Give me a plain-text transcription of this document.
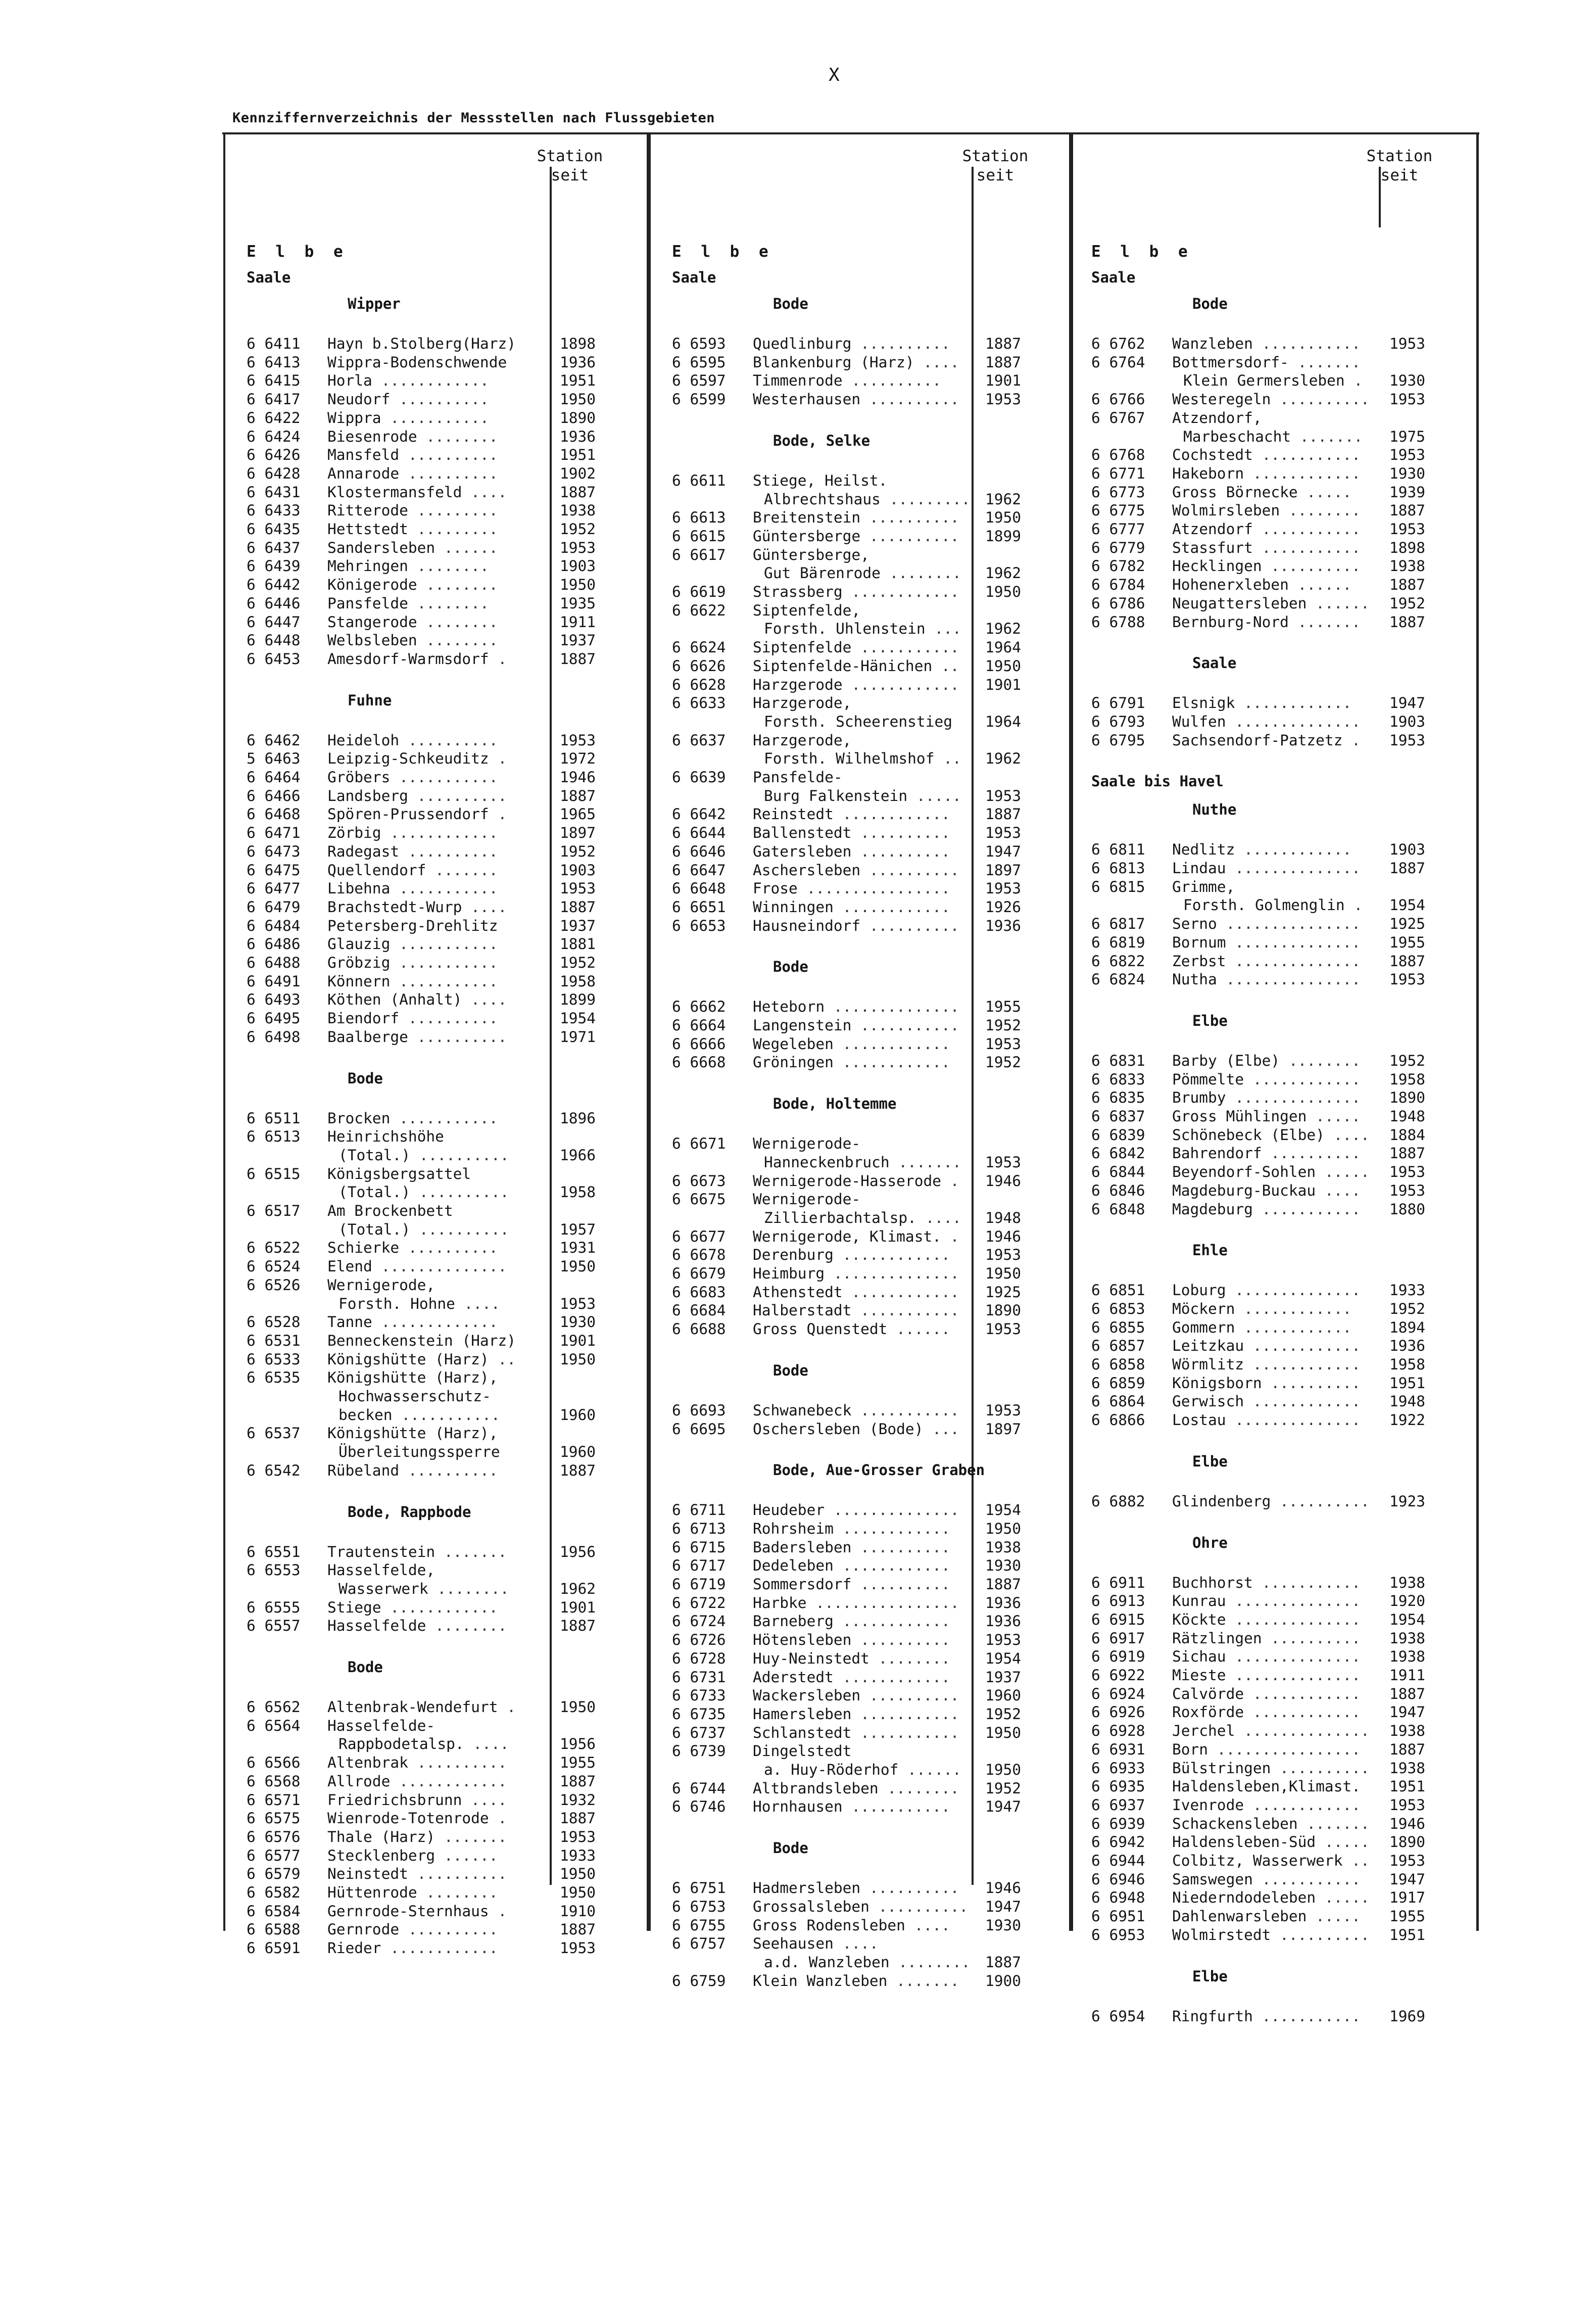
X
Kennziffernverzeichnis der Messstellen nach Flussgebieten
Station
seit
E l b e
Saale
Wipper
6 6411 Hayn b.Stolberg(Harz)	1898
6 6413 Wippra-Bodenschwende	1936
6 6415 Horla ............	1951
6 6417 Neudorf ..........	1950
6 6422 Wippra ...........	1890
6 6424 Biesenrode ........	1936
6 6426 Mansfeld ..........	1951
6 6428 Annarode ..........	1902
6 6431 Klostermansfeld ....	1887
6 6433 Ritterode .........	1938
6 6435 Hettstedt .........	1952
6 6437 Sandersleben ......	1953
6 6439 Mehringen ........	1903
6 6442 Königerode ........	1950
6 6446 Pansfelde ........	1935
6 6447 Stangerode ........	1911
6 6448 Welbsleben ........	1937
6 6453 Amesdorf-Warmsdorf .	1887
Fuhne
6 6462 Heideloh ..........	1953
5 6463 Leipzig-Schkeuditz .	1972
6 6464 Gröbers ...........	1946
6 6466 Landsberg ..........	1887
6 6468 Spören-Prussendorf .	1965
6 6471 Zörbig ............	1897
6 6473 Radegast ..........	1952
6 6475 Quellendorf .......	1903
6 6477 Libehna ...........	1953
6 6479 Brachstedt-Wurp ....	1887
6 6484 Petersberg-Drehlitz	1937
6 6486 Glauzig ...........	1881
6 6488 Gröbzig ...........	1952
6 6491 Könnern ...........	1958
6 6493 Köthen (Anhalt) ....	1899
6 6495 Biendorf ..........	1954
6 6498 Baalberge ..........	1971
Bode
6 6511 Brocken ...........	1896
6 6513 Heinrichshöhe
(Total.) ..........	1966
6 6515 Königsbergsattel
(Total.) ..........	1958
6 6517 Am Brockenbett
(Total.) ..........	1957
6 6522 Schierke ..........	1931
6 6524 Elend ..............	1950
6 6526 Wernigerode,
Forsth. Hohne ....	1953
6 6528 Tanne .............	1930
6 6531 Benneckenstein (Harz)	1901
6 6533 Königshütte (Harz) ..	1950
6 6535 Königshütte (Harz),
Hochwasserschutz-
becken ...........	1960
6 6537 Königshütte (Harz),
Überleitungssperre	1960
6 6542 Rübeland ..........	1887
Bode, Rappbode
6 6551 Trautenstein .......	1956
6 6553 Hasselfelde,
Wasserwerk ........	1962
6 6555 Stiege ............	1901
6 6557 Hasselfelde ........	1887
Bode
6 6562 Altenbrak-Wendefurt .	1950
6 6564 Hasselfelde-
Rappbodetalsp. ....	1956
6 6566 Altenbrak ..........	1955
6 6568 Allrode ............	1887
6 6571 Friedrichsbrunn ....	1932
6 6575 Wienrode-Totenrode .	1887
6 6576 Thale (Harz) .......	1953
6 6577 Stecklenberg ......	1933
6 6579 Neinstedt ..........	1950
6 6582 Hüttenrode ........	1950
6 6584 Gernrode-Sternhaus .	1910
6 6588 Gernrode ..........	1887
6 6591 Rieder ............	1953
Station
seit
E l b e
Saale
Bode
6 6593 Quedlinburg .......... 1887
6 6595 Blankenburg (Harz) .... 1887
6 6597 Timmenrode ..........	1901
6 6599 Westerhausen .......... 1953
Bode, Selke
6 6611 Stiege, Heilst.
Albrechtshaus ......... 1962
6 6613 Breitenstein .......... 1950
6 6615 Güntersberge .......... 1899
6 6617 Güntersberge,
Gut Bärenrode ........ 1962
6 6619 Strassberg ............ 1950
6 6622 Siptenfelde,
Forsth. Uhlenstein ... 1962
6 6624 Siptenfelde ........... 1964
6 6626 Siptenfelde-Hänichen .. 1950
6 6628 Harzgerode ............ 1901
6 6633 Harzgerode,
Forsth. Scheerenstieg 1964
6 6637 Harzgerode,
Forsth. Wilhelmshof .. 1962
6 6639 Pansfelde-
Burg Falkenstein ..... 1953
6 6642 Reinstedt ............ 1887
6 6644 Ballenstedt .......... 1953
6 6646 Gatersleben .......... 1947
6 6647 Aschersleben .......... 1897
6 6648 Frose ................ 1953
6 6651 Winningen ............ 1926
6 6653 Hausneindorf .......... 1936
Bode
6 6662 Heteborn .............. 1955
6 6664 Langenstein ........... 1952
6 6666 Wegeleben ............ 1953
6 6668 Gröningen ............ 1952
Bode, Holtemme
6 6671 Wernigerode-
Hanneckenbruch ....... 1953
6 6673 Wernigerode-Hasserode . 1946
6 6675 Wernigerode-
Zillierbachtalsp. .... 1948
6 6677 Wernigerode, Klimast. . 1946
6 6678 Derenburg ............ 1953
6 6679 Heimburg .............. 1950
6 6683 Athenstedt ............ 1925
6 6684 Halberstadt ........... 1890
6 6688 Gross Quenstedt ...... 1953
Bode
6 6693 Schwanebeck ........... 1953
6 6695 Oschersleben (Bode) ... 1897
Bode, Aue-Grosser Graben
6 6711 Heudeber .............. 1954
6 6713 Rohrsheim ............ 1950
6 6715 Badersleben .......... 1938
6 6717 Dedeleben ............ 1930
6 6719 Sommersdorf .......... 1887
6 6722 Harbke ................ 1936
6 6724 Barneberg ............ 1936
6 6726 Hötensleben .......... 1953
6 6728 Huy-Neinstedt ........ 1954
6 6731 Aderstedt ............ 1937
6 6733 Wackersleben .......... 1960
6 6735 Hamersleben ........... 1952
6 6737 Schlanstedt ........... 1950
6 6739 Dingelstedt
a. Huy-Röderhof ...... 1950
6 6744 Altbrandsleben ........ 1952
6 6746 Hornhausen ........... 1947
Bode
6 6751 Hadmersleben .......... 1946
6 6753 Grossalsleben .......... 1947
6 6755 Gross Rodensleben .... 1930
6 6757 Seehausen ....
a.d. Wanzleben ........ 1887
6 6759 Klein Wanzleben ....... 1900
Station
seit
E l b e
Saale
Bode
6 6762 Wanzleben ........... 1953
6 6764 Bottmersdorf- .......
Klein Germersleben . 1930
6 6766 Westeregeln .......... 1953
6 6767 Atzendorf,
Marbeschacht ....... 1975
6 6768 Cochstedt ........... 1953
6 6771 Hakeborn ............ 1930
6 6773 Gross Börnecke .....	1939
6 6775 Wolmirsleben ........ 1887
6 6777 Atzendorf ........... 1953
6 6779 Stassfurt ........... 1898
6 6782 Hecklingen .......... 1938
6 6784 Hohenerxleben ......	1887
6 6786 Neugattersleben ...... 1952
6 6788 Bernburg-Nord ....... 1887
Saale
6 6791 Elsnigk ............	1947
6 6793 Wulfen .............. 1903
6 6795 Sachsendorf-Patzetz . 1953
Saale bis Havel
Nuthe
6 6811 Nedlitz ............	1903
6 6813 Lindau .............. 1887
6 6815 Grimme,
Forsth. Golmenglin . 1954
6 6817 Serno ............... 1925
6 6819 Bornum .............. 1955
6 6822 Zerbst .............. 1887
6 6824 Nutha ............... 1953
Elbe
6 6831 Barby (Elbe) ........ 1952
6 6833 Pömmelte ............ 1958
6 6835 Brumby .............. 1890
6 6837 Gross Mühlingen ..... 1948
6 6839 Schönebeck (Elbe) .... 1884
6 6842 Bahrendorf .......... 1887
6 6844 Beyendorf-Sohlen ..... 1953
6 6846 Magdeburg-Buckau .... 1953
6 6848 Magdeburg ........... 1880
Ehle
6 6851 Loburg .............. 1933
6 6853 Möckern ............	1952
6 6855 Gommern ............	1894
6 6857 Leitzkau ............ 1936
6 6858 Wörmlitz ............ 1958
6 6859 Königsborn .......... 1951
6 6864 Gerwisch ............ 1948
6 6866 Lostau .............. 1922
Elbe
6 6882 Glindenberg .......... 1923
Ohre
6 6911 Buchhorst ........... 1938
6 6913 Kunrau .............. 1920
6 6915 Köckte .............. 1954
6 6917 Rätzlingen .......... 1938
6 6919 Sichau .............. 1938
6 6922 Mieste .............. 1911
6 6924 Calvörde ............ 1887
6 6926 Roxförde ............ 1947
6 6928 Jerchel .............. 1938
6 6931 Born ................ 1887
6 6933 Bülstringen .......... 1938
6 6935 Haldensleben,Klimast. 1951
6 6937 Ivenrode ............ 1953
6 6939 Schackensleben ....... 1946
6 6942 Haldensleben-Süd ..... 1890
6 6944 Colbitz, Wasserwerk .. 1953
6 6946 Samswegen ........... 1947
6 6948 Niederndodeleben ..... 1917
6 6951 Dahlenwarsleben ..... 1955
6 6953 Wolmirstedt .......... 1951
Elbe
6 6954 Ringfurth ........... 1969
